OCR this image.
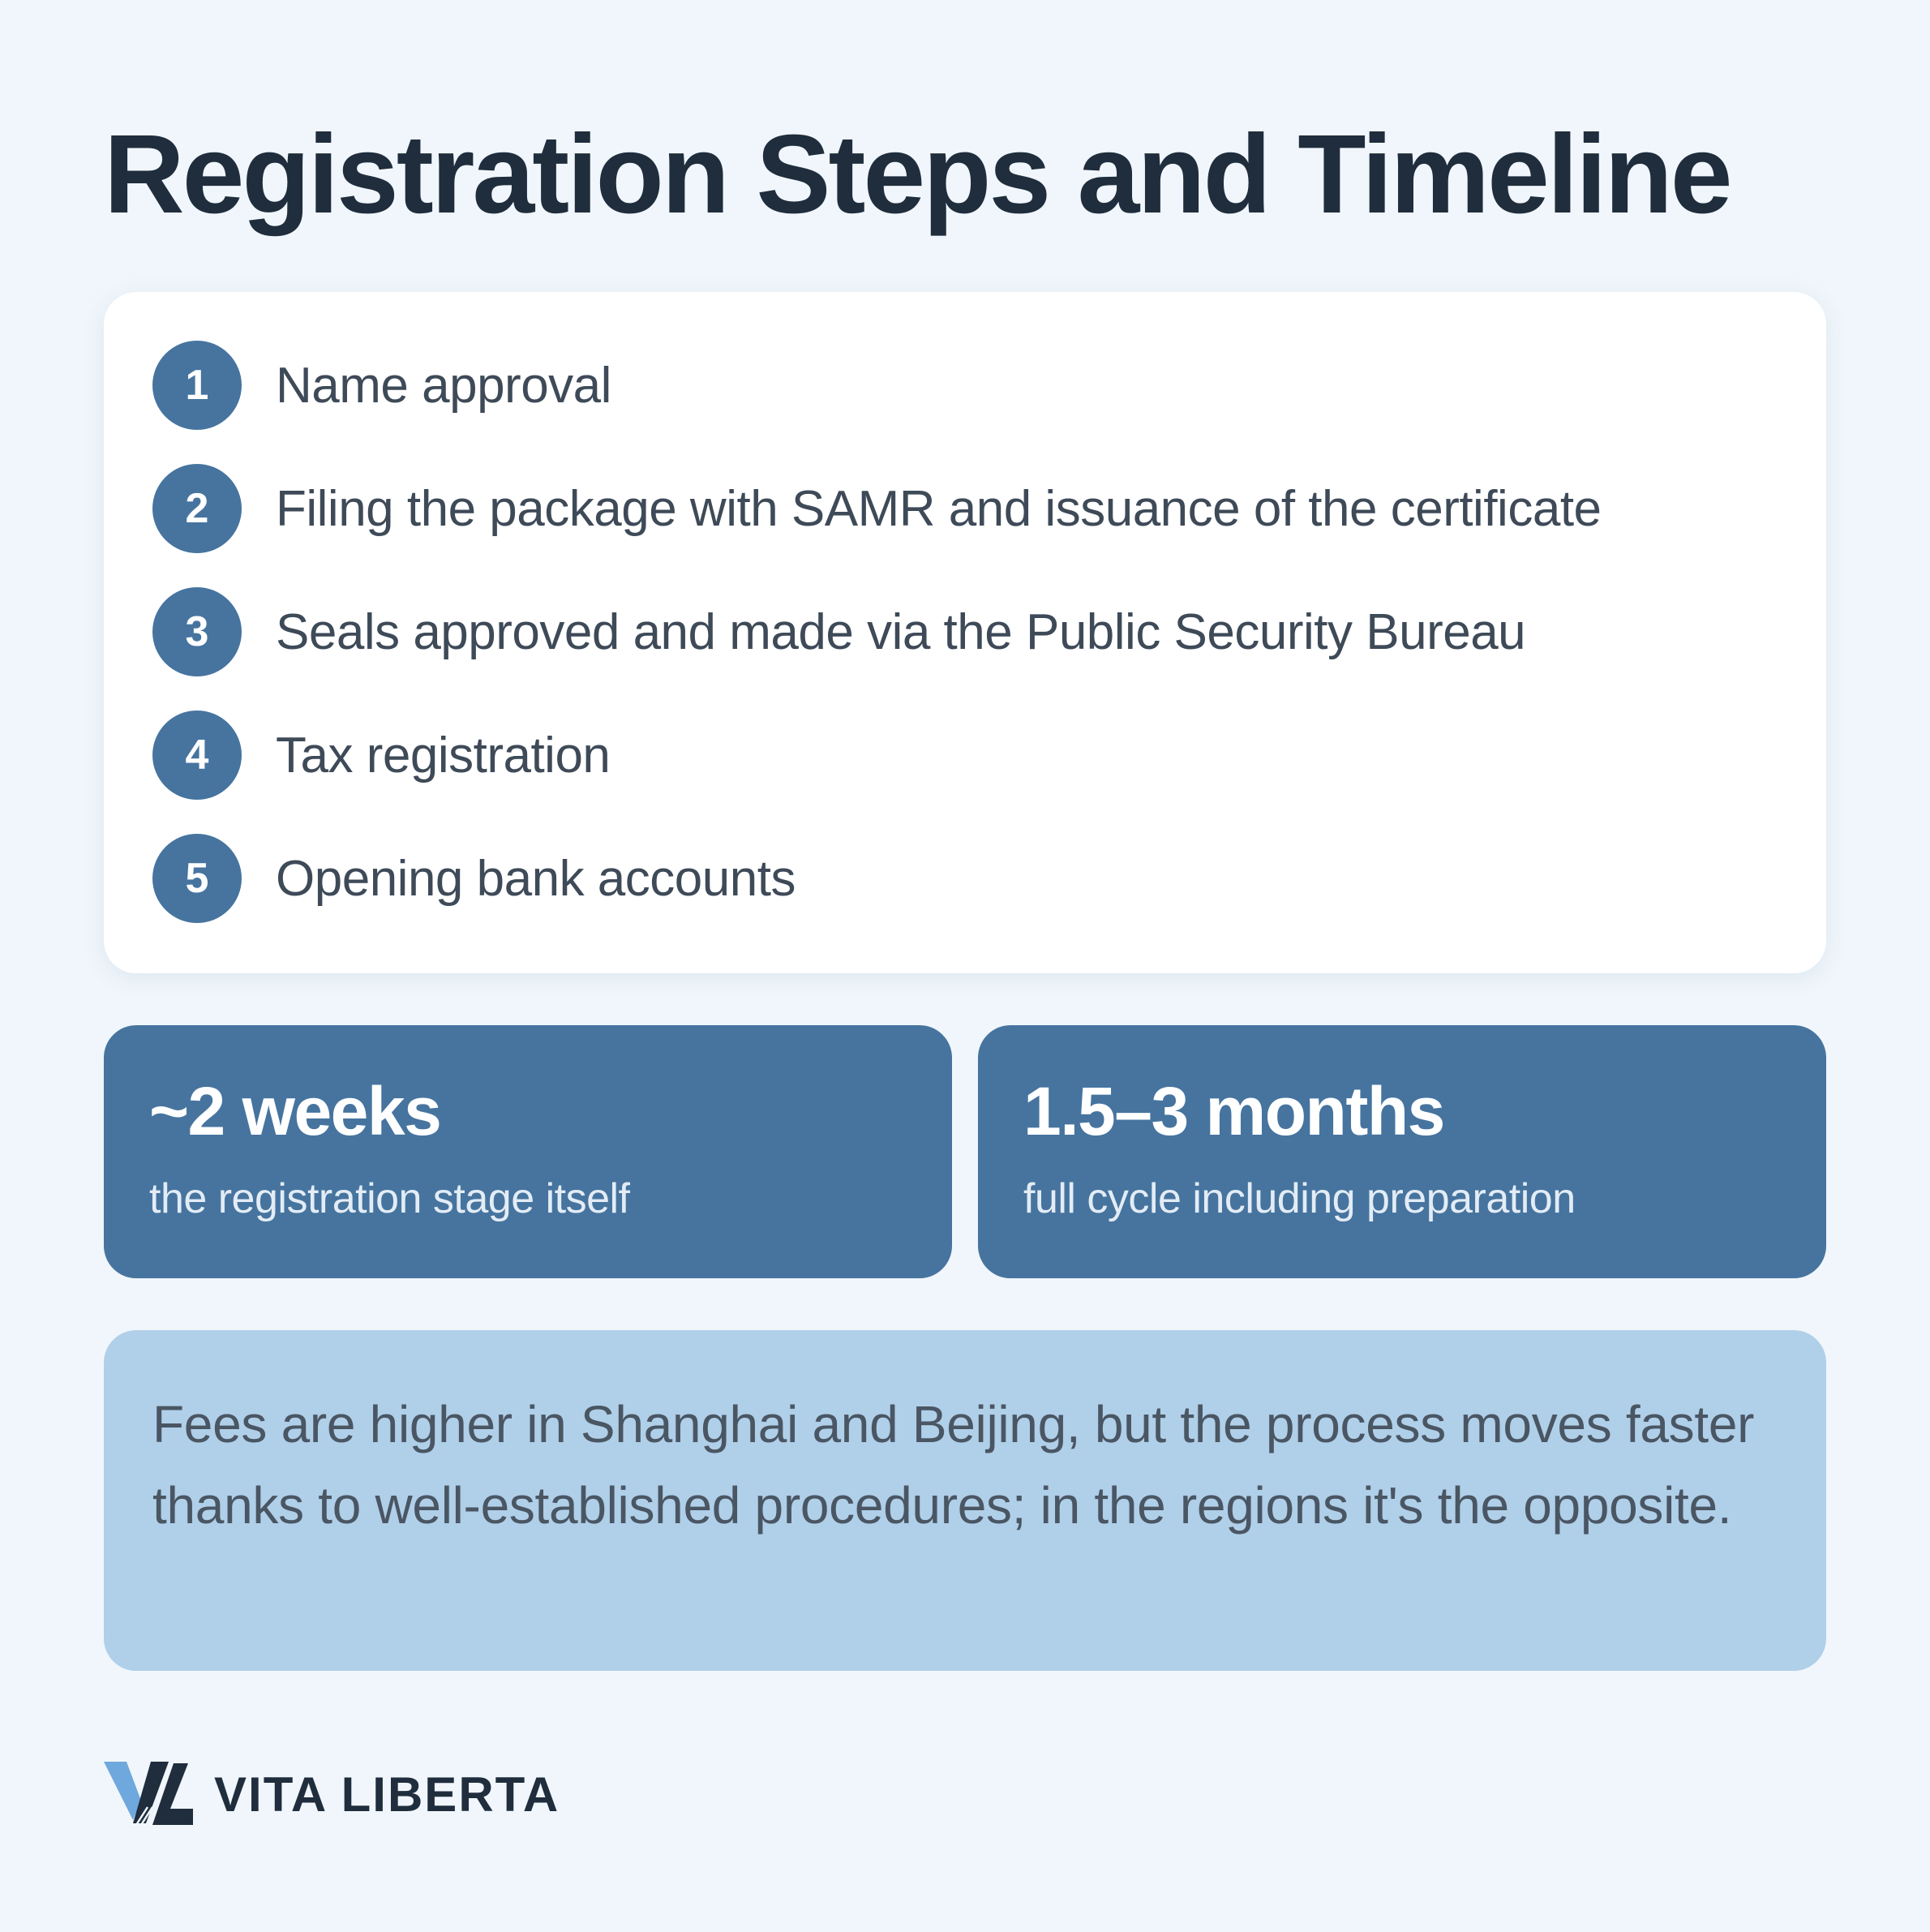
Registration Steps and Timeline
1	Name approval
2	Filing the package with SAMR and issuance of the certificate
3	Seals approved and made via the Public Security Bureau
4	Tax registration
5	Opening bank accounts
~2 weeks
the registration stage itself
1.5–3 months
full cycle including preparation
Fees are higher in Shanghai and Beijing, but the process moves faster thanks to well-established procedures; in the regions it's the opposite.
VITA LIBERTA
